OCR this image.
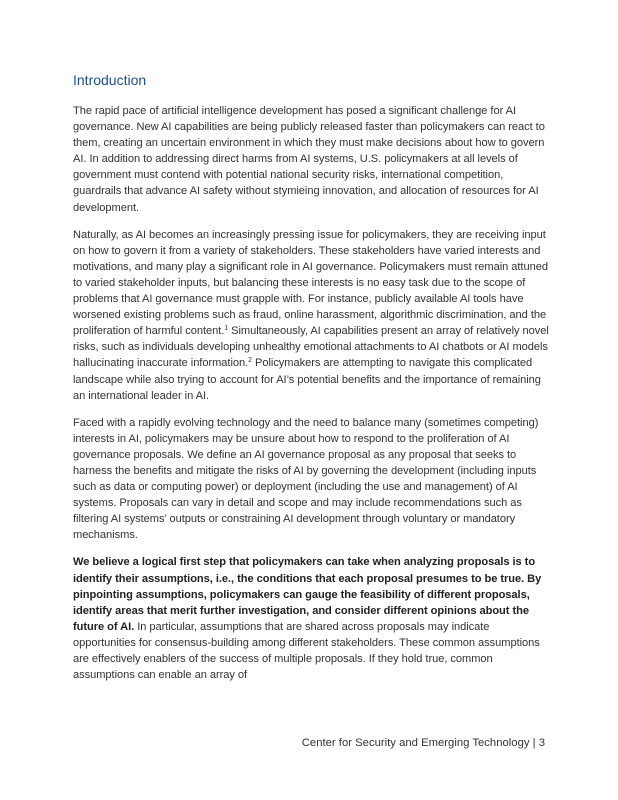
Introduction

The rapid pace of artificial intelligence development has posed a significant challenge for AI governance. New AI capabilities are being publicly released faster than policymakers can react to them, creating an uncertain environment in which they must make decisions about how to govern AI. In addition to addressing direct harms from AI systems, U.S. policymakers at all levels of government must contend with potential national security risks, international competition, guardrails that advance AI safety without stymieing innovation, and allocation of resources for AI development.

Naturally, as AI becomes an increasingly pressing issue for policymakers, they are receiving input on how to govern it from a variety of stakeholders. These stakeholders have varied interests and motivations, and many play a significant role in AI governance. Policymakers must remain attuned to varied stakeholder inputs, but balancing these interests is no easy task due to the scope of problems that AI governance must grapple with. For instance, publicly available AI tools have worsened existing problems such as fraud, online harassment, algorithmic discrimination, and the proliferation of harmful content.$^1$ Simultaneously, AI capabilities present an array of relatively novel risks, such as individuals developing unhealthy emotional attachments to AI chatbots or AI models hallucinating inaccurate information.$^2$ Policymakers are attempting to navigate this complicated landscape while also trying to account for AI’s potential benefits and the importance of remaining an international leader in AI.

Faced with a rapidly evolving technology and the need to balance many (sometimes competing) interests in AI, policymakers may be unsure about how to respond to the proliferation of AI governance proposals. We define an AI governance proposal as any proposal that seeks to harness the benefits and mitigate the risks of AI by governing the development (including inputs such as data or computing power) or deployment (including the use and management) of AI systems. Proposals can vary in detail and scope and may include recommendations such as filtering AI systems’ outputs or constraining AI development through voluntary or mandatory mechanisms.

We believe a logical first step that policymakers can take when analyzing proposals is to identify their assumptions, i.e., the conditions that each proposal presumes to be true. By pinpointing assumptions, policymakers can gauge the feasibility of different proposals, identify areas that merit further investigation, and consider different opinions about the future of AI. In particular, assumptions that are shared across proposals may indicate opportunities for consensus-building among different stakeholders. These common assumptions are effectively enablers of the success of multiple proposals. If they hold true, common assumptions can enable an array of

Center for Security and Emerging Technology | 3
